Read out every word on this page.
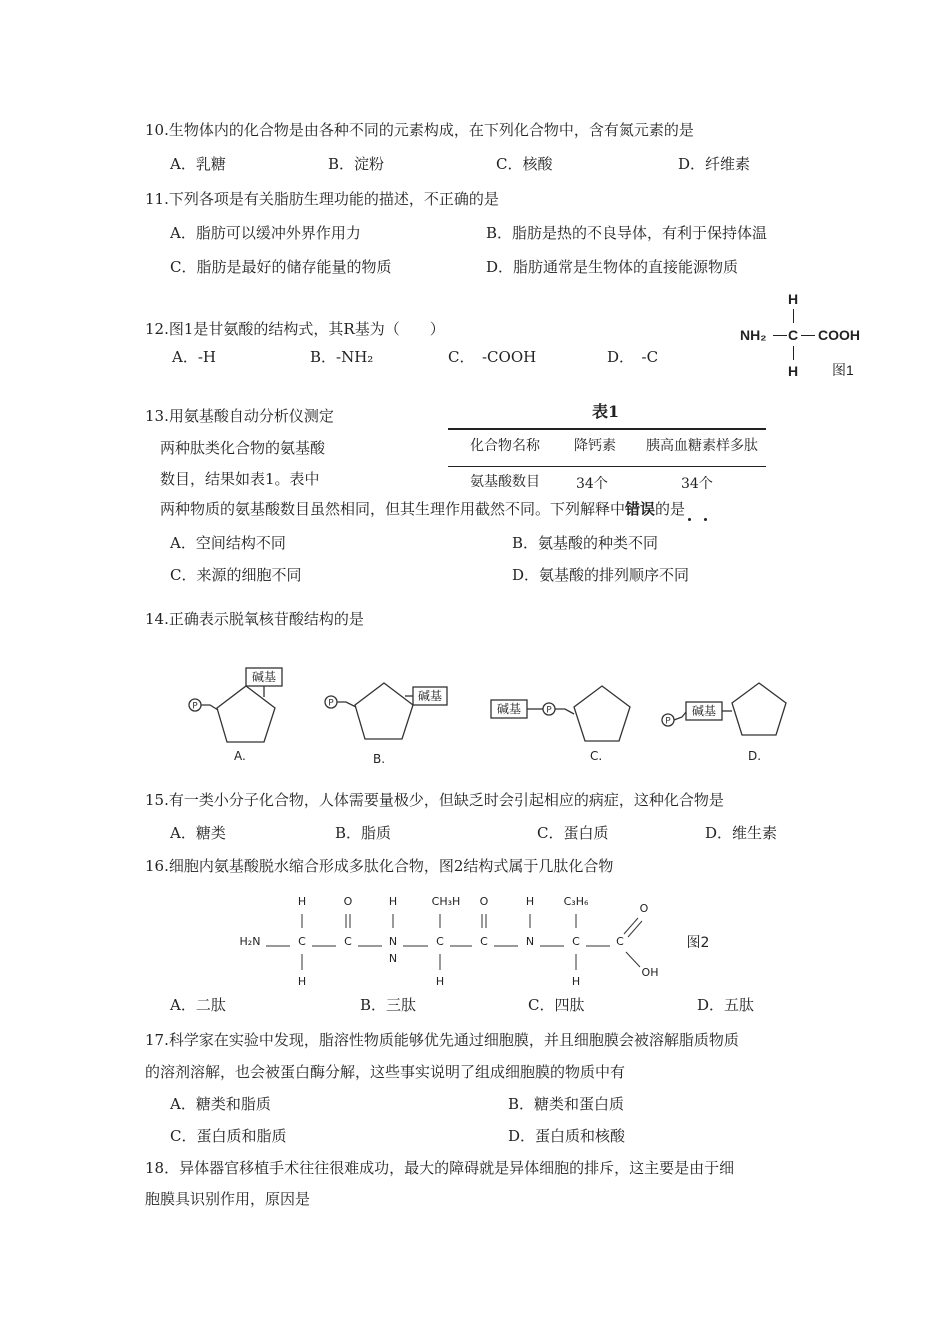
10.生物体内的化合物是由各种不同的元素构成，在下列化合物中，含有氮元素的是
A．乳糖	B．淀粉	C．核酸	D．纤维素
11.下列各项是有关脂肪生理功能的描述，不正确的是
A．脂肪可以缓冲外界作用力	B．脂肪是热的不良导体，有利于保持体温
C．脂肪是最好的储存能量的物质	D．脂肪通常是生物体的直接能源物质
12.图1是甘氨酸的结构式，其R基为（　　）
A．-H	B．-NH₂	C．　-COOH	D．　-C
H
NH₂ C COOH
H 图1
13.用氨基酸自动分析仪测定
两种肽类化合物的氨基酸
数目，结果如表1。表中
两种物质的氨基酸数目虽然相同，但其生理作用截然不同。下列解释中错误的是
表1
化合物名称 降钙素 胰高血糖素样多肽
氨基酸数目	34个	34个
A．空间结构不同	B．氨基酸的种类不同
C．来源的细胞不同	D．氨基酸的排列顺序不同
14.正确表示脱氧核苷酸结构的是
P	P
P
P
碱基
碱基
碱基	碱基
A.	B.	C.	D.
15.有一类小分子化合物，人体需要量极少，但缺乏时会引起相应的病症，这种化合物是
A．糖类	B．脂质	C．蛋白质	D．维生素
16.细胞内氨基酸脱水缩合形成多肽化合物，图2结构式属于几肽化合物
H	O	H	CH₃H O	H	C₃H₆
O
H₂N	C	C	N	C	C	N	C	C
N
H	H	H
OH
图2
A．二肽	B．三肽	C．四肽	D．五肽
17.科学家在实验中发现，脂溶性物质能够优先通过细胞膜，并且细胞膜会被溶解脂质物质
的溶剂溶解，也会被蛋白酶分解，这些事实说明了组成细胞膜的物质中有
A．糖类和脂质	B．糖类和蛋白质
C．蛋白质和脂质	D．蛋白质和核酸
18．异体器官移植手术往往很难成功，最大的障碍就是异体细胞的排斥，这主要是由于细
胞膜具识别作用，原因是
